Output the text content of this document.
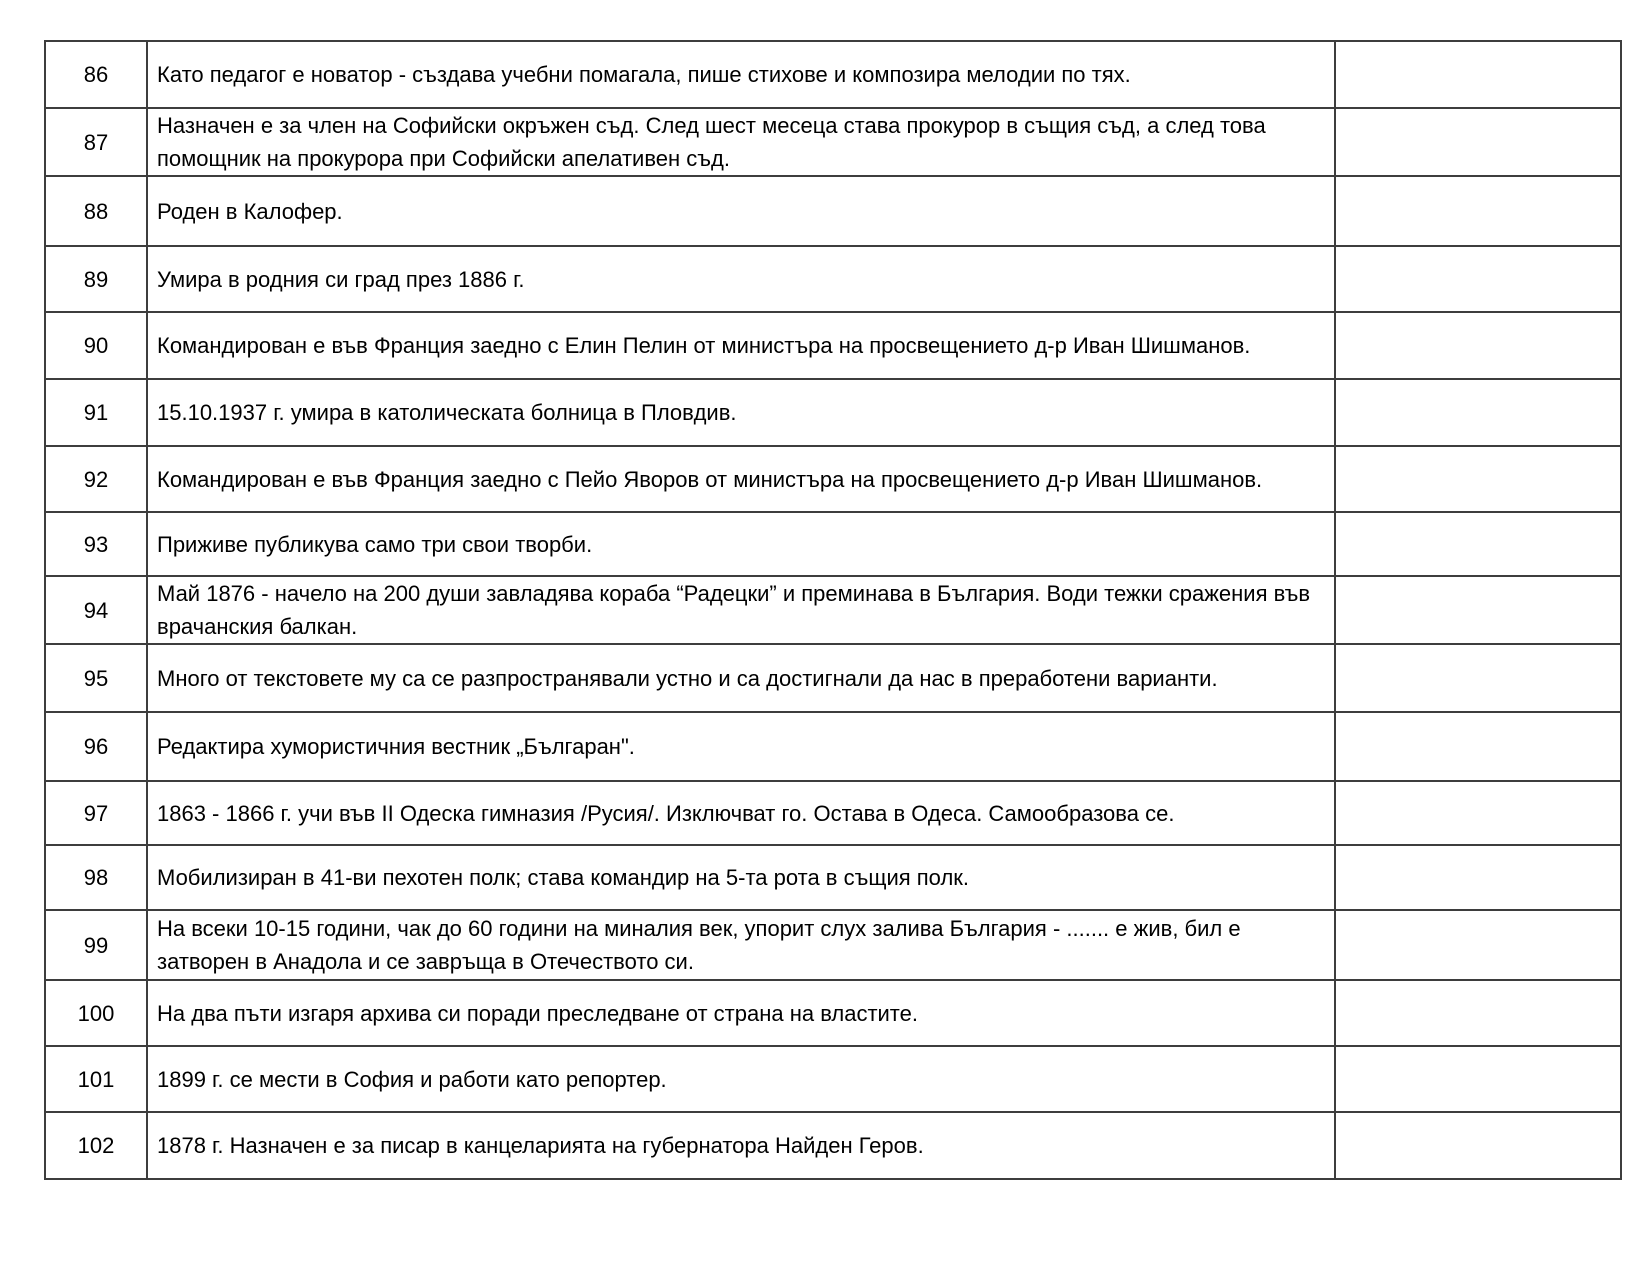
86	Като педагог е новатор - създава учебни помагала, пише стихове и композира мелодии по тях.	
87	Назначен е за член на Софийски окръжен съд. След шест месеца става прокурор в същия съд, а след това помощник на прокурора при Софийски апелативен съд.	
88	Роден в Калофер.	
89	Умира в родния си град през 1886 г.	
90	Командирован е във Франция заедно с Елин Пелин от министъра на просвещението д-р Иван Шишманов.	
91	15.10.1937 г. умира в католическата болница в Пловдив.	
92	Командирован е във Франция заедно с Пейо Яворов от министъра на просвещението д-р Иван Шишманов.	
93	Приживе публикува само три свои творби.	
94	Май 1876 - начело на 200 души завладява кораба “Радецки” и преминава в България. Води тежки сражения във врачанския балкан.	
95	Много от текстовете му са се разпространявали устно и са достигнали да нас в преработени варианти.	
96	Редактира хумористичния вестник „Българан".	
97	1863 - 1866 г. учи във II Одеска гимназия /Русия/. Изключват го. Остава в Одеса. Самообразова се.	
98	Мобилизиран в 41-ви пехотен полк; става командир на 5-та рота в същия полк.	
99	На всеки 10-15 години, чак до 60 години на миналия век, упорит слух залива България - ....... е жив, бил е затворен в Анадола и се завръща в Отечеството си.	
100	На два пъти изгаря архива си поради преследване от страна на властите.	
101	1899 г. се мести в София и работи като репортер.	
102	1878 г. Назначен е за писар в канцеларията на губернатора Найден Геров.	
